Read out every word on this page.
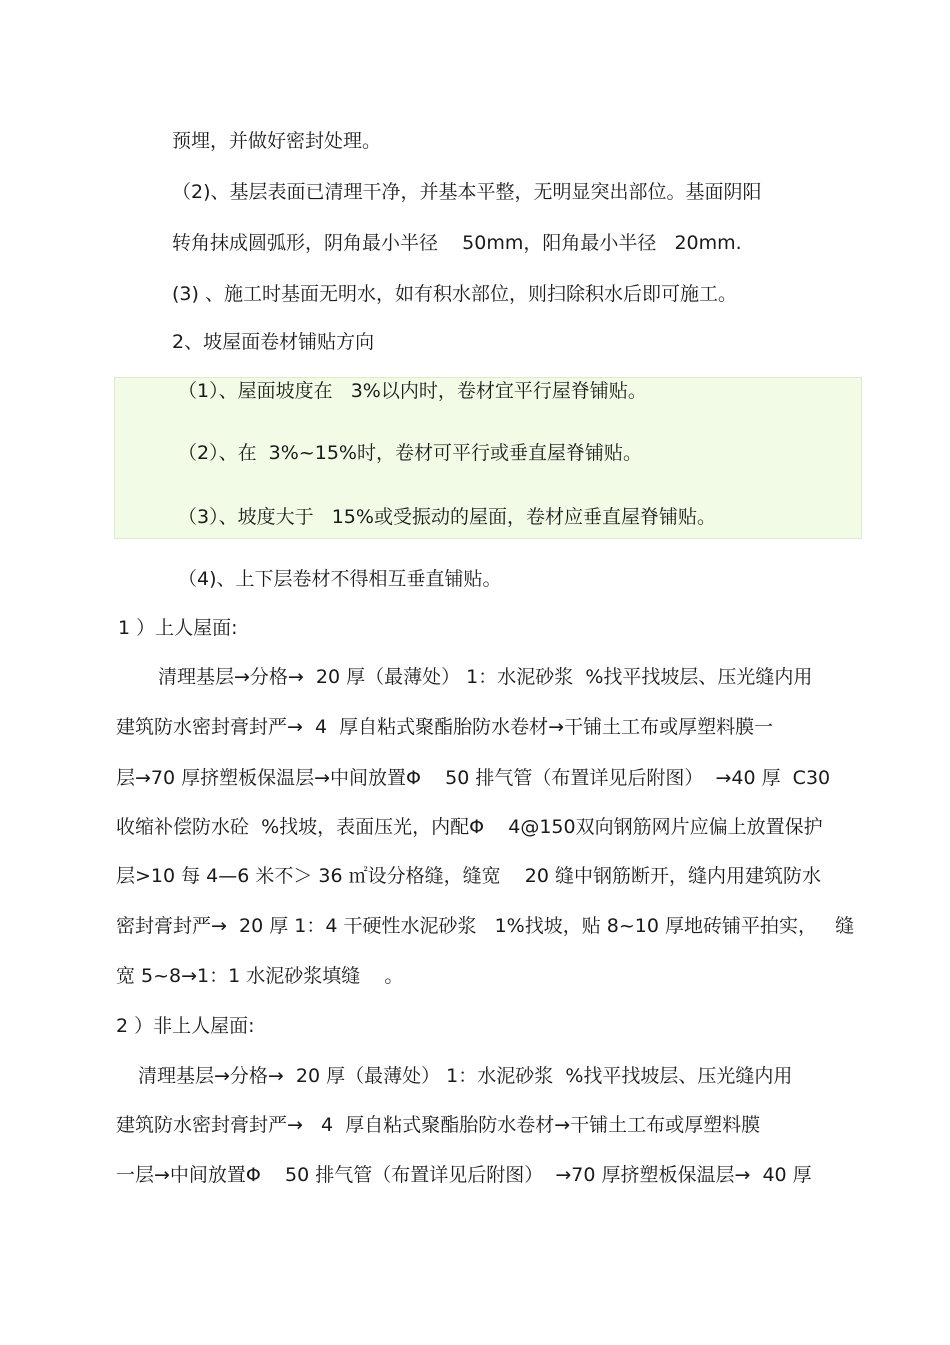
预埋，并做好密封处理。
（2)、基层表面已清理干净，并基本平整，无明显突出部位。基面阴阳
转角抹成圆弧形，阴角最小半径    50mm，阳角最小半径   20mm.
(3) 、施工时基面无明水，如有积水部位，则扫除积水后即可施工。
2、坡屋面卷材铺贴方向
（1）、屋面坡度在   3%以内时，卷材宜平行屋脊铺贴。
（2）、在  3%~15%时，卷材可平行或垂直屋脊铺贴。
（3）、坡度大于   15%或受振动的屋面，卷材应垂直屋脊铺贴。
（4)、上下层卷材不得相互垂直铺贴。
1 ）上人屋面:
清理基层→分格→  20 厚（最薄处） 1：水泥砂浆  %找平找坡层、压光缝内用
建筑防水密封膏封严→  4  厚自粘式聚酯胎防水卷材→干铺土工布或厚塑料膜一
层→70 厚挤塑板保温层→中间放置Φ    50 排气管（布置详见后附图）  →40 厚  C30
收缩补偿防水砼  %找坡，表面压光，内配Φ    4@150双向钢筋网片应偏上放置保护
层>10 每 4—6 米不＞ 36 ㎡设分格缝，缝宽    20 缝中钢筋断开，缝内用建筑防水
密封膏封严→  20 厚 1：4 干硬性水泥砂浆   1%找坡，贴 8~10 厚地砖铺平拍实，   缝
宽 5~8→1：1 水泥砂浆填缝    。
2 ）非上人屋面:
清理基层→分格→  20 厚（最薄处） 1：水泥砂浆  %找平找坡层、压光缝内用
建筑防水密封膏封严→   4  厚自粘式聚酯胎防水卷材→干铺土工布或厚塑料膜
一层→中间放置Φ    50 排气管（布置详见后附图）  →70 厚挤塑板保温层→  40 厚
